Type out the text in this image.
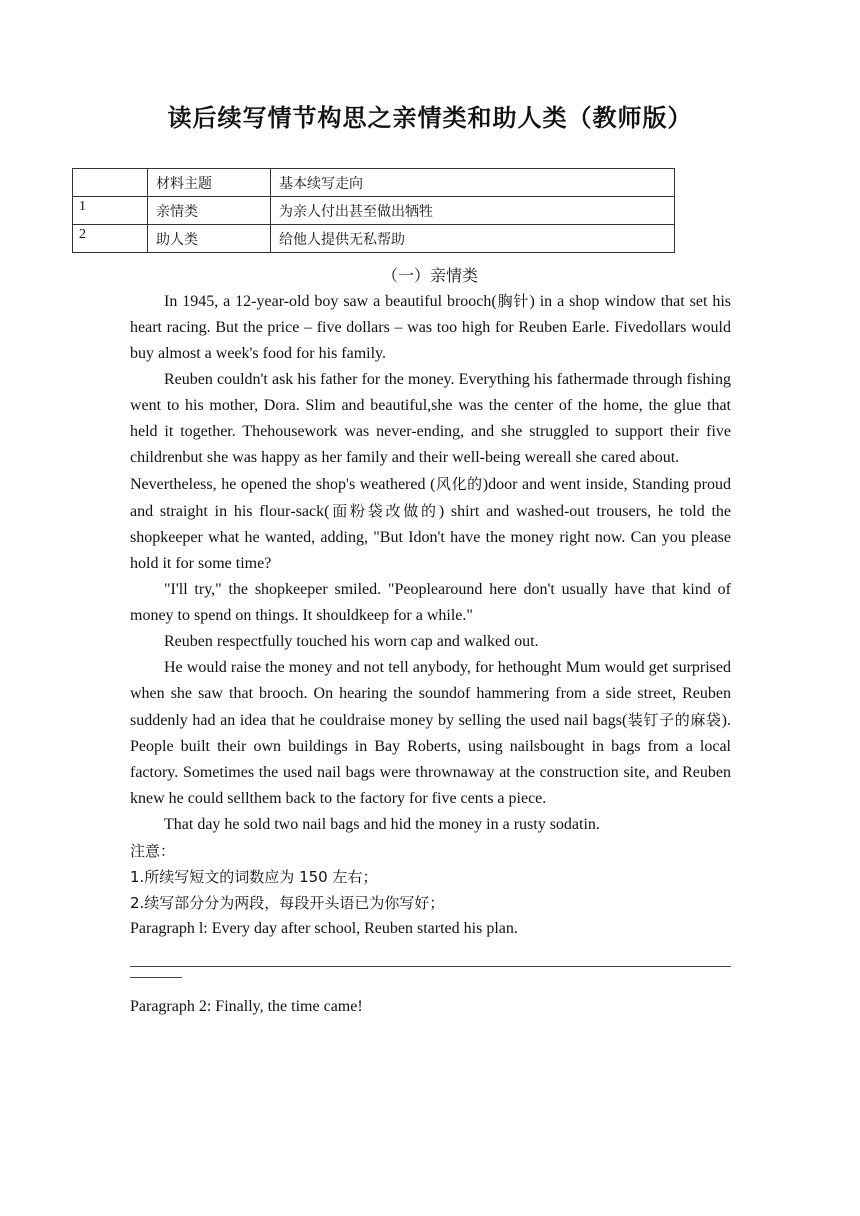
读后续写情节构思之亲情类和助人类（教师版）
	材料主题	基本续写走向
1	亲情类	为亲人付出甚至做出牺牲
2	助人类	给他人提供无私帮助
（一）亲情类

In 1945, a 12-year-old boy saw a beautiful brooch(胸针) in a shop window that set his heart racing. But the price – five dollars – was too high for Reuben Earle. Fivedollars would buy almost a week's food for his family.

Reuben couldn't ask his father for the money. Everything his fathermade through fishing went to his mother, Dora. Slim and beautiful,she was the center of the home, the glue that held it together. Thehousework was never-ending, and she struggled to support their five childrenbut she was happy as her family and their well-being wereall she cared about.

Nevertheless, he opened the shop's weathered (风化的)door and went inside, Standing proud and straight in his flour‐sack(面粉袋改做的) shirt and washed‐out trousers, he told the shopkeeper what he wanted, adding, "But Idon't have the money right now. Can you please hold it for some time?

"I'll try," the shopkeeper smiled. "Peoplearound here don't usually have that kind of money to spend on things. It shouldkeep for a while."

Reuben respectfully touched his worn cap and walked out.

He would raise the money and not tell anybody, for hethought Mum would get surprised when she saw that brooch. On hearing the soundof hammering from a side street, Reuben suddenly had an idea that he couldraise money by selling the used nail bags(装钉子的麻袋). People built their own buildings in Bay Roberts, using nailsbought in bags from a local factory. Sometimes the used nail bags were thrownaway at the construction site, and Reuben knew he could sellthem back to the factory for five cents a piece.

That day he sold two nail bags and hid the money in a rusty sodatin.

注意：

1.所续写短文的词数应为 150 左右；

2.续写部分分为两段，每段开头语已为你写好；

Paragraph l: Every day after school, Reuben started his plan.

Paragraph 2: Finally, the time came!
